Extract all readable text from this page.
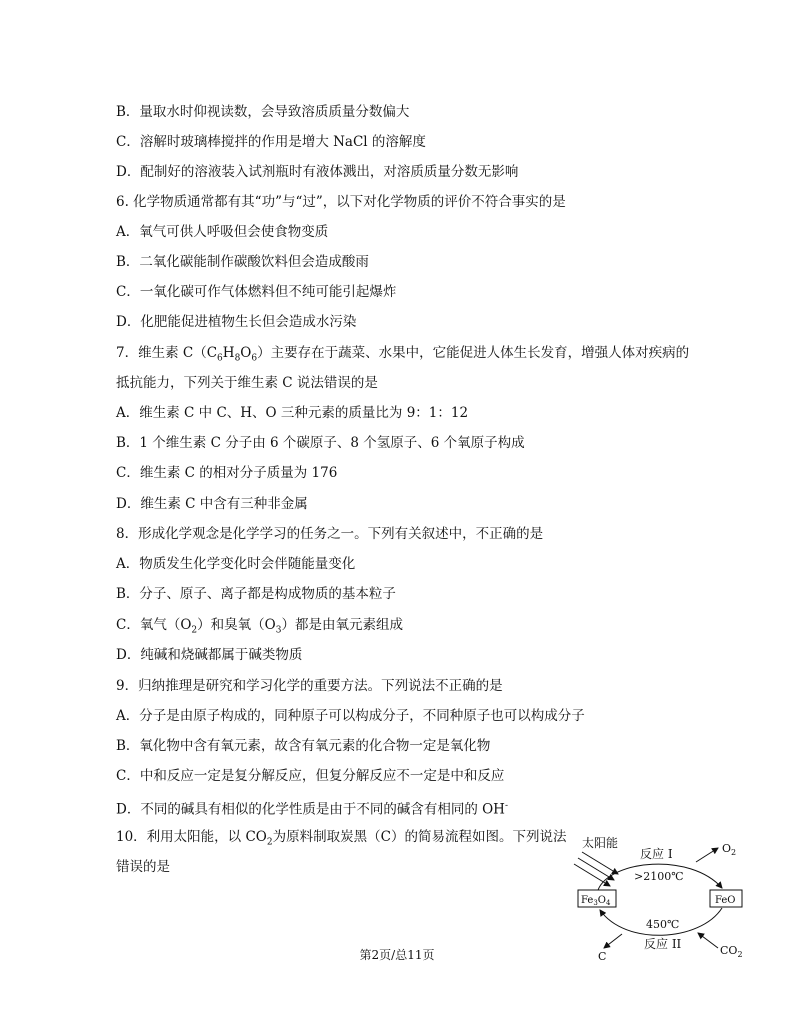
B．量取水时仰视读数，会导致溶质质量分数偏大
C．溶解时玻璃棒搅拌的作用是增大 NaCl 的溶解度
D．配制好的溶液装入试剂瓶时有液体溅出，对溶质质量分数无影响
6. 化学物质通常都有其“功”与“过”，以下对化学物质的评价不符合事实的是
A．氧气可供人呼吸但会使食物变质
B．二氧化碳能制作碳酸饮料但会造成酸雨
C．一氧化碳可作气体燃料但不纯可能引起爆炸
D．化肥能促进植物生长但会造成水污染
7．维生素 $C(C_6H_8O_6)$主要存在于蔬菜、水果中，它能促进人体生长发育，增强人体对疾病的
抵抗能力，下列关于维生素 C 说法错误的是
A．维生素 C 中 C、H、O 三种元素的质量比为 9：1：12
B．1 个维生素 C 分子由 6 个碳原子、8 个氢原子、6 个氧原子构成
C．维生素 C 的相对分子质量为 176
D．维生素 C 中含有三种非金属
8．形成化学观念是化学学习的任务之一。下列有关叙述中，不正确的是
A．物质发生化学变化时会伴随能量变化
B．分子、原子、离子都是构成物质的基本粒子
C．氧气$(O_2)$和臭氧$(O_3)$都是由氧元素组成
D．纯碱和烧碱都属于碱类物质
9．归纳推理是研究和学习化学的重要方法。下列说法不正确的是
A．分子是由原子构成的，同种原子可以构成分子，不同种原子也可以构成分子
B．氧化物中含有氧元素，故含有氧元素的化合物一定是氧化物
C．中和反应一定是复分解反应，但复分解反应不一定是中和反应
D．不同的碱具有相似的化学性质是由于不同的碱含有相同的 OH-
10．利用太阳能，以 $CO_2$为原料制取炭黑（C）的简易流程如图。下列说法
错误的是
太阳能	$O_2$
反应 I
>2100℃
$Fe_3O_4$	FeO
$CO_2$
C
450℃
反应 II
第2页/总11页
